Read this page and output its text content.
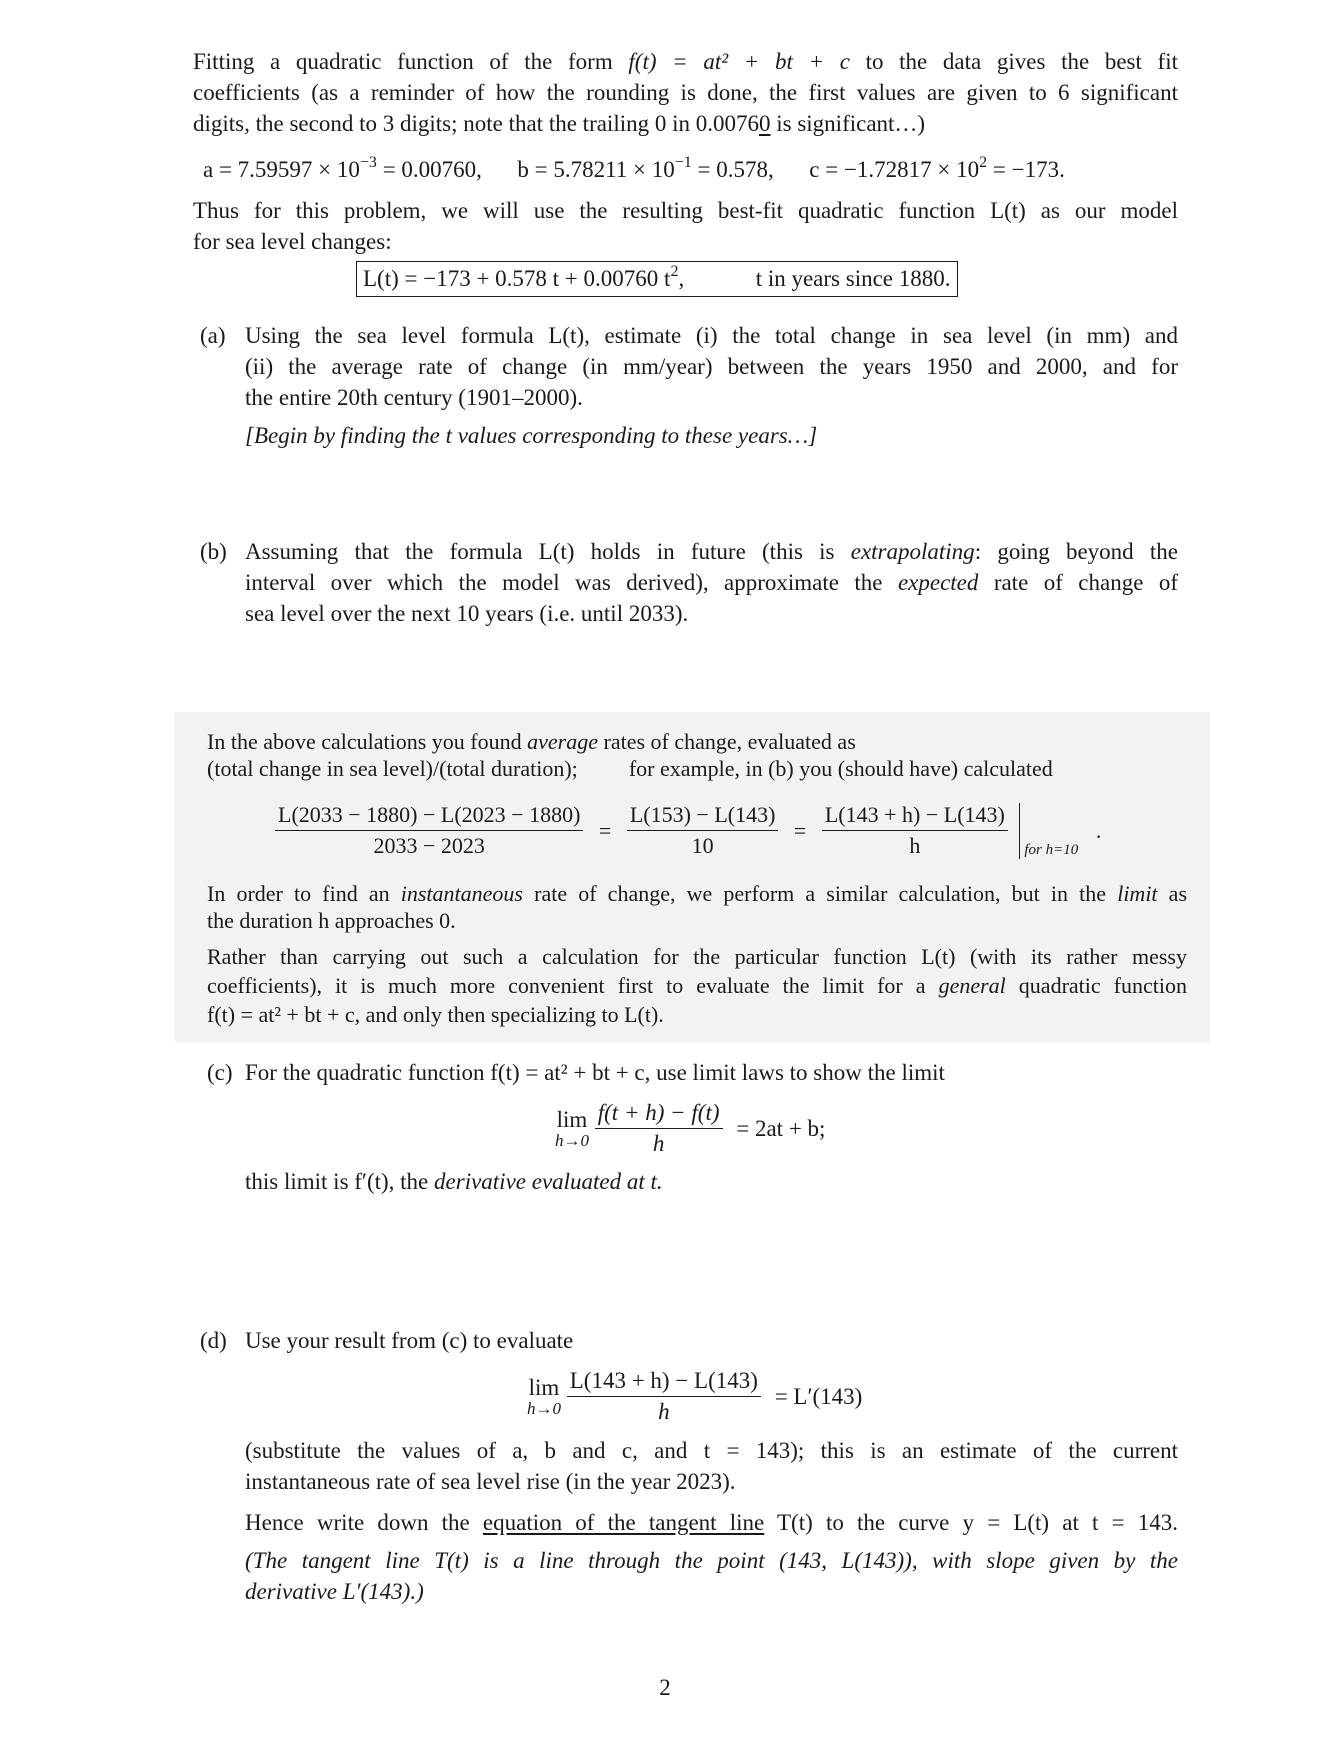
Fitting a quadratic function of the form f(t) = at² + bt + c to the data gives the best fit
coefficients (as a reminder of how the rounding is done, the first values are given to 6 significant
digits, the second to 3 digits; note that the trailing 0 in 0.00760 is significant…)
$a = 7.59597 \times 10^{-3} = 0.00760$, $b = 5.78211 \times 10^{-1} = 0.578$, $c = -1.72817 \times 10^2 = -173$.
Thus for this problem, we will use the resulting best-fit quadratic function L(t) as our model
for sea level changes:
L(t) = −173 + 0.578 t + 0.00760 $t^2$,	t in years since 1880.
(a) Using the sea level formula L(t), estimate (i) the total change in sea level (in mm) and
(ii) the average rate of change (in mm/year) between the years 1950 and 2000, and for
the entire 20th century (1901–2000).
[Begin by finding the t values corresponding to these years…]
(b) Assuming that the formula L(t) holds in future (this is extrapolating: going beyond the
interval over which the model was derived), approximate the expected rate of change of
sea level over the next 10 years (i.e. until 2033).
In the above calculations you found average rates of change, evaluated as
(total change in sea level)/(total duration); for example, in (b) you (should have) calculated
$\frac{L(2033 - 1880) - L(2023 - 1880)}{2033 - 2023} = \frac{L(153) - L(143)}{10} = \frac{L(143 + h) - L(143)}{h}$
for h=10
.
In order to find an instantaneous rate of change, we perform a similar calculation, but in the limit as
the duration h approaches 0.
Rather than carrying out such a calculation for the particular function L(t) (with its rather messy
coefficients), it is much more convenient first to evaluate the limit for a general quadratic function
f(t) = at² + bt + c, and only then specializing to L(t).
(c) For the quadratic function f(t) = at² + bt + c, use limit laws to show the limit
lim
h→0
$\frac{f(t + h) - f(t)}{h} = 2at + b$;
this limit is f′(t), the derivative evaluated at t.
(d) Use your result from (c) to evaluate
lim
h→0
$\frac{L(143 + h) - L(143)}{h} = L'(143)$
(substitute the values of a, b and c, and t = 143); this is an estimate of the current
instantaneous rate of sea level rise (in the year 2023).
Hence write down the equation of the tangent line T(t) to the curve y = L(t) at t = 143.
(The tangent line T(t) is a line through the point (143, L(143)), with slope given by the
derivative L′(143).)
2
